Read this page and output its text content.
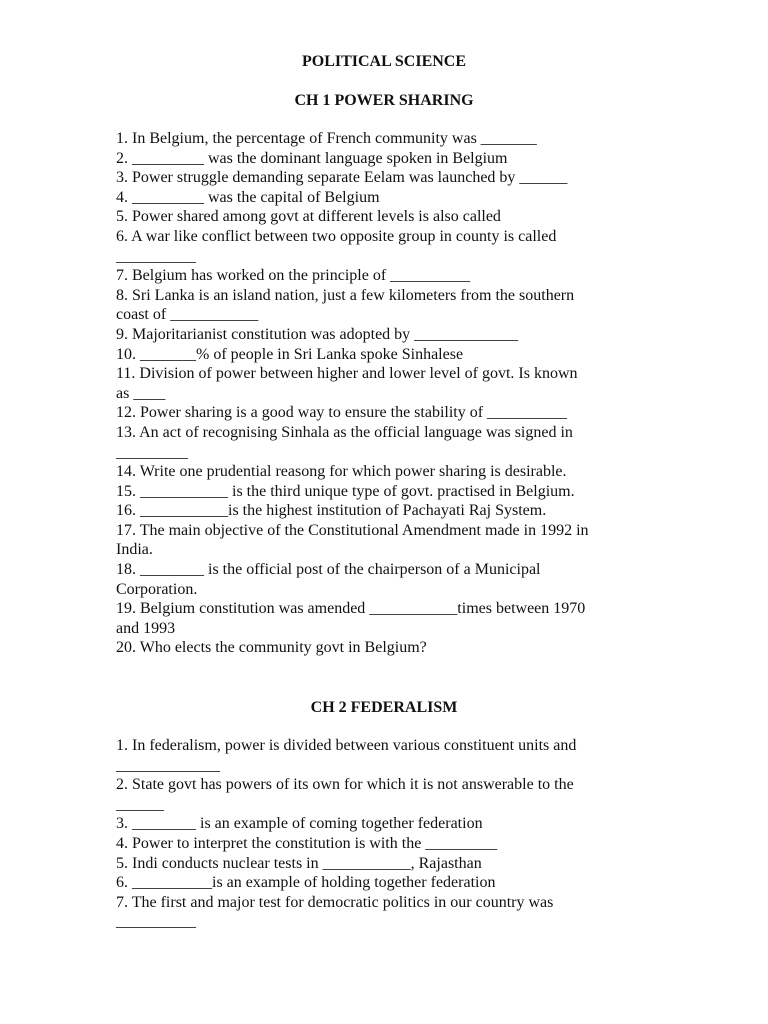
POLITICAL SCIENCE
CH 1 POWER SHARING
1. In Belgium, the percentage of French community was _______
2. _________ was the dominant language spoken in Belgium
3. Power struggle demanding separate Eelam was launched by ______
4. _________ was the capital of Belgium
5. Power shared among govt at different levels is also called
6. A war like conflict between two opposite group in county is called
__________
7. Belgium has worked on the principle of __________
8. Sri Lanka is an island nation, just a few kilometers from the southern
coast of ___________
9. Majoritarianist constitution was adopted by _____________
10. _______% of people in Sri Lanka spoke Sinhalese
11. Division of power between higher and lower level of govt. Is known
as ____
12. Power sharing is a good way to ensure the stability of __________
13. An act of recognising Sinhala as the official language was signed in
_________
14. Write one prudential reasong for which power sharing is desirable.
15. ___________ is the third unique type of govt. practised in Belgium.
16. ___________is the highest institution of Pachayati Raj System.
17. The main objective of the Constitutional Amendment made in 1992 in
India.
18. ________ is the official post of the chairperson of a Municipal
Corporation.
19. Belgium constitution was amended ___________times between 1970
and 1993
20. Who elects the community govt in Belgium?
CH 2 FEDERALISM
1. In federalism, power is divided between various constituent units and
_____________
2. State govt has powers of its own for which it is not answerable to the
______
3. ________ is an example of coming together federation
4. Power to interpret the constitution is with the _________
5. Indi conducts nuclear tests in ___________, Rajasthan
6. __________is an example of holding together federation
7. The first and major test for democratic politics in our country was
__________
